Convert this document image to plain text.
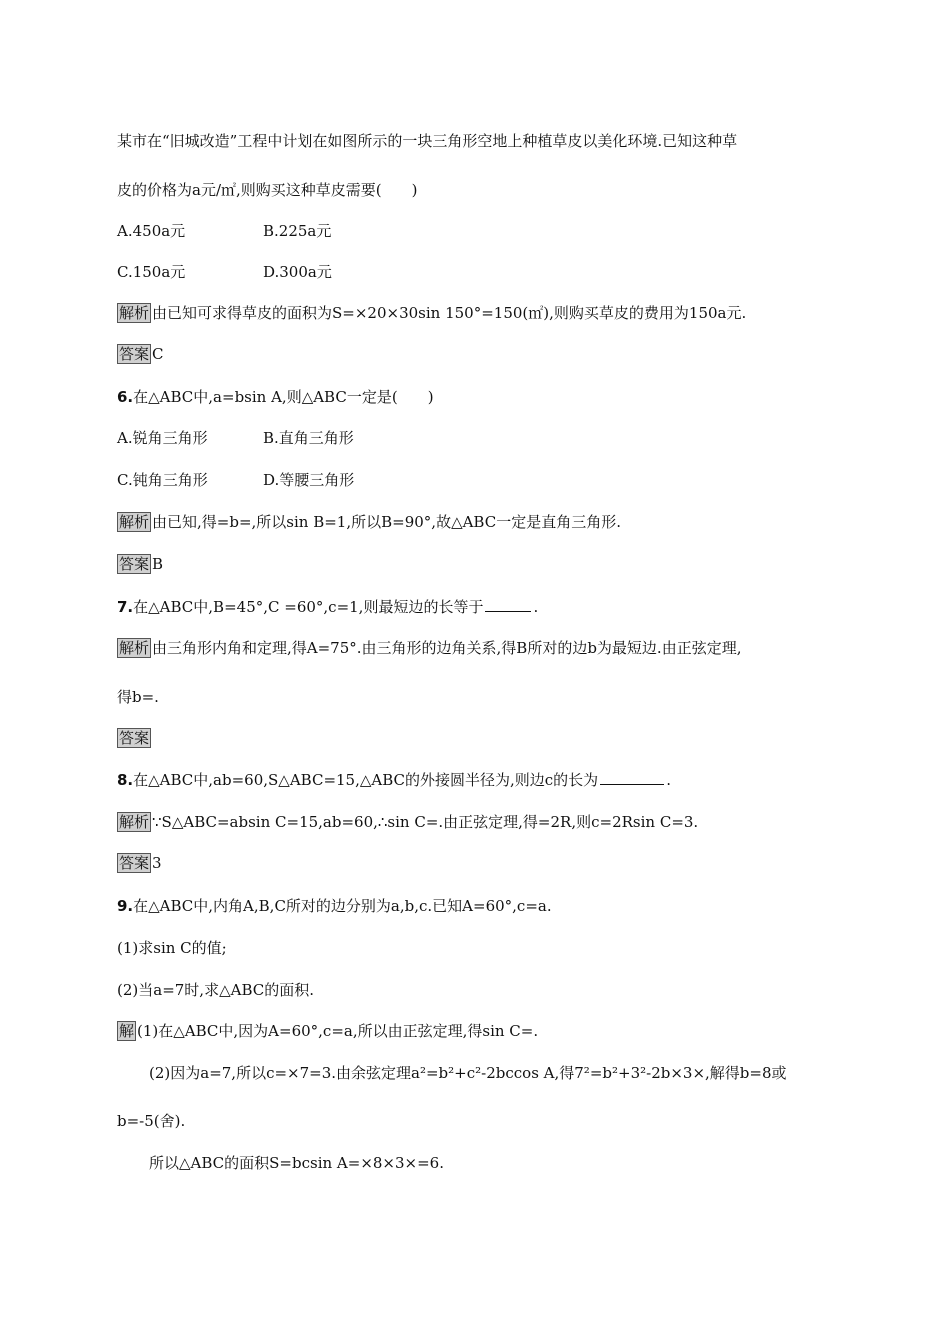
某市在“旧城改造”工程中计划在如图所示的一块三角形空地上种植草皮以美化环境.已知这种草
皮的价格为a元/㎡,则购买这种草皮需要(　　)
A.450a元	B.225a元
C.150a元	D.300a元
解析 由已知可求得草皮的面积为S=×20×30sin 150°=150(㎡),则购买草皮的费用为150a元.
答案 C
6.在△ABC中,a=bsin A,则△ABC一定是(　　)
A.锐角三角形	B.直角三角形
C.钝角三角形	D.等腰三角形
解析 由已知,得=b=,所以sin B=1,所以B=90°,故△ABC一定是直角三角形.
答案 B
7.在△ABC中,B=45°,C =60°,c=1,则最短边的长等于	.
解析 由三角形内角和定理,得A=75°.由三角形的边角关系,得B所对的边b为最短边.由正弦定理,
得b=.
答案
8.在△ABC中,ab=60,S△ABC=15,△ABC的外接圆半径为,则边c的长为	.
解析 ∵S△ABC=absin C=15,ab=60,∴sin C=.由正弦定理,得=2R,则c=2Rsin C=3.
答案 3
9.在△ABC中,内角A,B,C所对的边分别为a,b,c.已知A=60°,c=a.
(1)求sin C的值;
(2)当a=7时,求△ABC的面积.
解 (1)在△ABC中,因为A=60°,c=a,所以由正弦定理,得sin C=.
(2)因为a=7,所以c=×7=3.由余弦定理a²=b²+c²-2bccos A,得7²=b²+3²-2b×3×,解得b=8或
b=-5(舍).
所以△ABC的面积S=bcsin A=×8×3×=6.
